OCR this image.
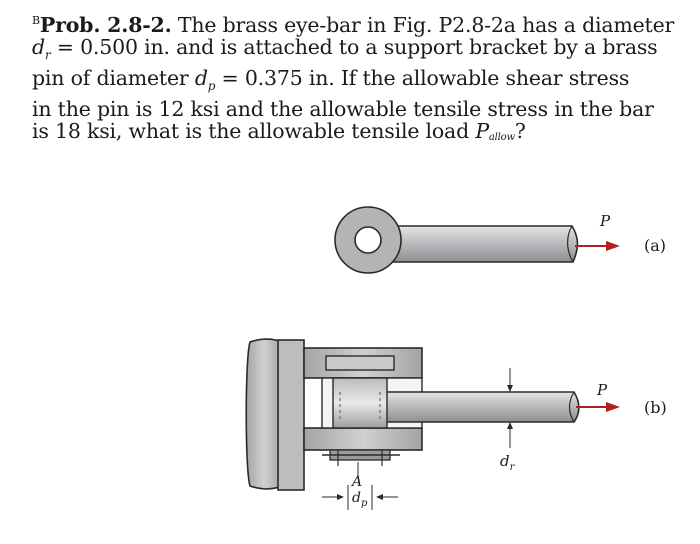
$^B$Prob. 2.8-2. The brass eye-bar in Fig. P2.8-2a has a diameter
$d_r = 0.500$ in. and is attached to a support bracket by a brass
pin of diameter $d_p = 0.375$ in. If the allowable shear stress
in the pin is 12 ksi and the allowable tensile stress in the bar
is 18 ksi, what is the allowable tensile load Pallow?
P
(a)
P
(b)
$d_r$
A
$d_p$
